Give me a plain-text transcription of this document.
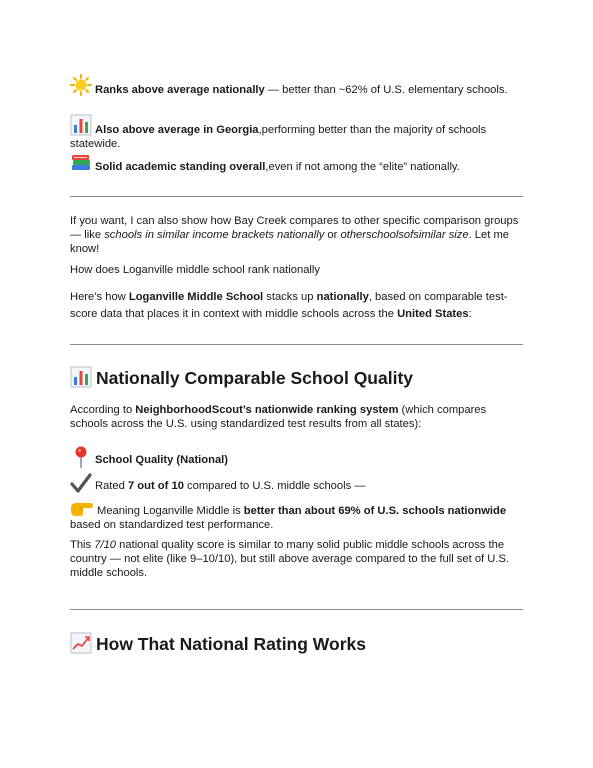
Ranks above average nationally — better than ~62% of U.S. elementary schools.

Also above average in Georgia,performing better than the majority of schools statewide.

Solid academic standing overall,even if not among the “elite” nationally.

If you want, I can also show how Bay Creek compares to other specific comparison groups — like schools in similar income brackets nationally or otherschoolsofsimilar size. Let me know!

How does Loganville middle school rank nationally

Here’s how Loganville Middle School stacks up nationally, based on comparable test-score data that places it in context with middle schools across the United States:

Nationally Comparable School Quality

According to NeighborhoodScout’s nationwide ranking system (which compares schools across the U.S. using standardized test results from all states):

School Quality (National)

Rated 7 out of 10 compared to U.S. middle schools —

Meaning Loganville Middle is better than about 69% of U.S. schools nationwide based on standardized test performance.

This 7/10 national quality score is similar to many solid public middle schools across the country — not elite (like 9–10/10), but still above average compared to the full set of U.S. middle schools.

How That National Rating Works
